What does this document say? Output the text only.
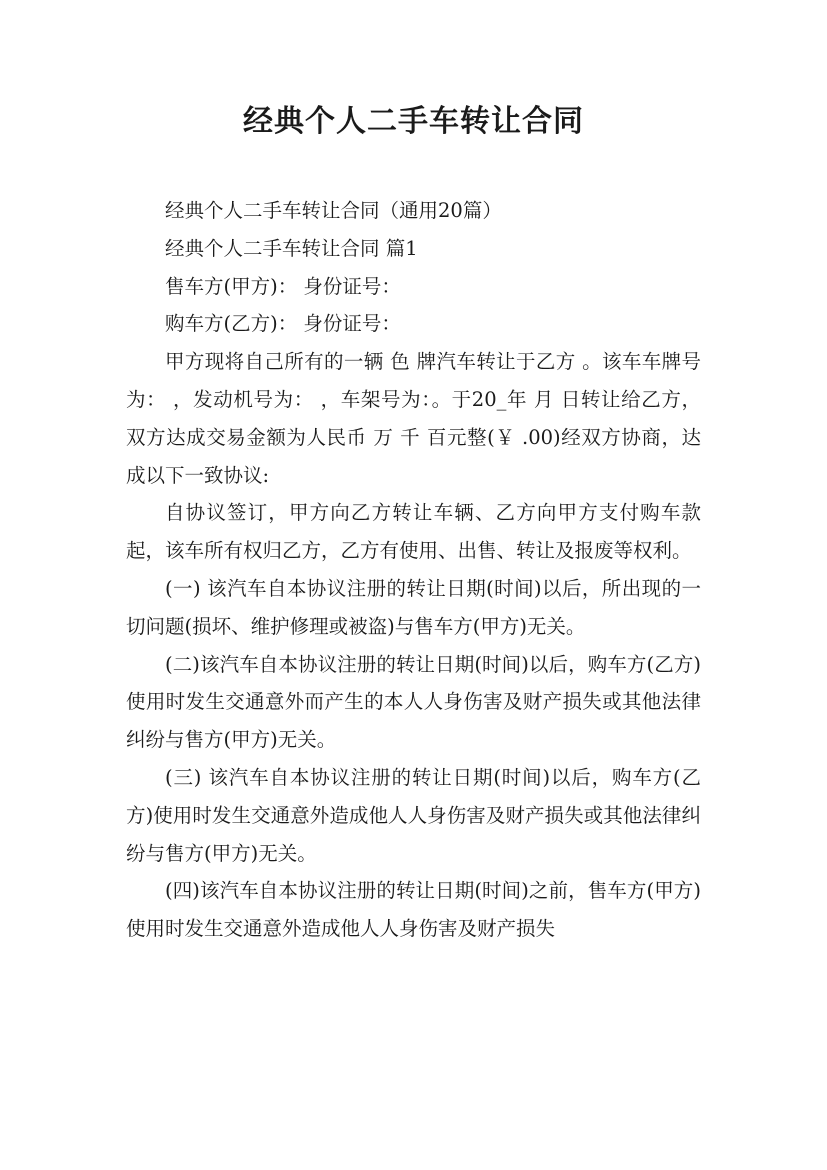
经典个人二手车转让合同

经典个人二手车转让合同（通用20篇）

经典个人二手车转让合同 篇1

售车方(甲方)： 身份证号：

购车方(乙方)： 身份证号：

甲方现将自己所有的一辆 色 牌汽车转让于乙方 。该车车牌号为： ，发动机号为： ，车架号为：。于20_年 月 日转让给乙方，双方达成交易金额为人民币 万 千 百元整(￥ .00)经双方协商，达成以下一致协议:

自协议签订，甲方向乙方转让车辆、乙方向甲方支付购车款起，该车所有权归乙方，乙方有使用、出售、转让及报废等权利。

(一) 该汽车自本协议注册的转让日期(时间)以后，所出现的一切问题(损坏、维护修理或被盗)与售车方(甲方)无关。

(二)该汽车自本协议注册的转让日期(时间)以后，购车方(乙方)使用时发生交通意外而产生的本人人身伤害及财产损失或其他法律纠纷与售方(甲方)无关。

(三) 该汽车自本协议注册的转让日期(时间)以后，购车方(乙方)使用时发生交通意外造成他人人身伤害及财产损失或其他法律纠纷与售方(甲方)无关。

(四)该汽车自本协议注册的转让日期(时间)之前，售车方(甲方)使用时发生交通意外造成他人人身伤害及财产损失
